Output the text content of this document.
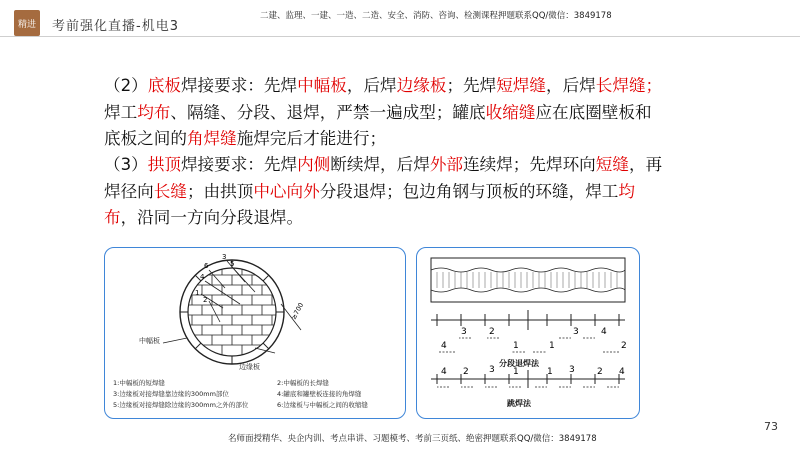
精进	考前强化直播-机电3
二建、监理、一建、一造、二造、安全、消防、咨询、检测课程押题联系QQ/微信：3849178
（2）底板焊接要求：先焊中幅板，后焊边缘板；先焊短焊缝，后焊长焊缝；焊工均布、隔缝、分段、退焊，严禁一遍成型；罐底收缩缝应在底圈壁板和底板之间的角焊缝施焊完后才能进行；
（3）拱顶焊接要求：先焊内侧断续焊，后焊外部连续焊；先焊环向短缝，再焊径向长缝；由拱顶中心向外分段退焊；包边角钢与顶板的环缝，焊工均布，沿同一方向分段退焊。
3
5
6
4
1
2
≥700
中幅板
边缘板
1:中幅板的短焊缝	2:中幅板的长焊缝
3:边缘板对接焊缝靠边缘的300mm部位	4:罐底和罐壁板连接的角焊缝
5:边缘板对接焊缝除边缘的300mm之外的部位	6:边缘板与中幅板之间的收缩缝
3 2	3 4
4	1	1	2
2 3	3 2
4	1	1	4
分段退焊法
跳焊法
73
名师面授精华、央企内训、考点串讲、习题模考、考前三页纸、绝密押题联系QQ/微信：3849178
